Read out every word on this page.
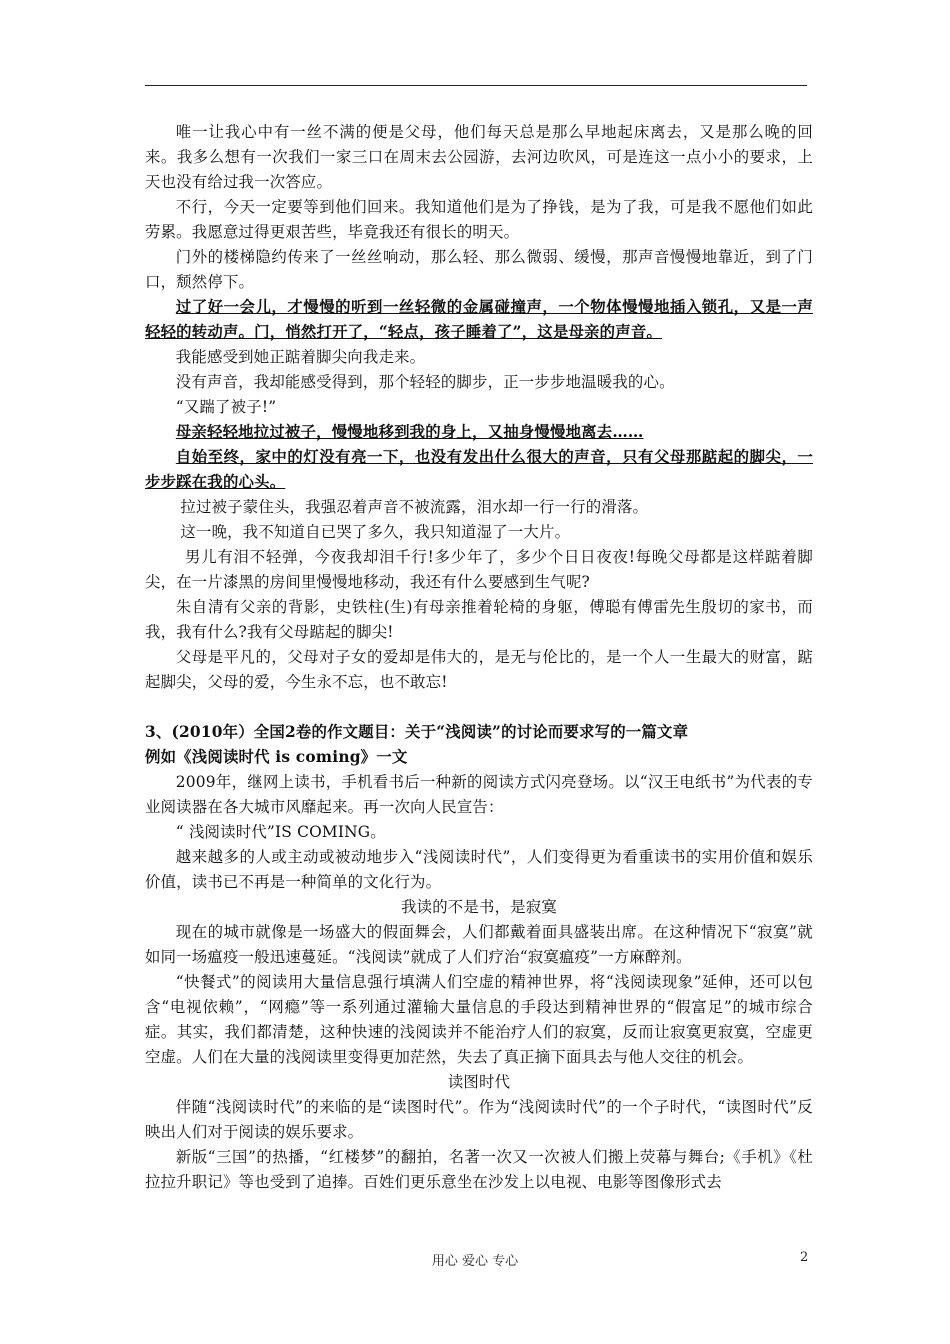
唯一让我心中有一丝不满的便是父母，他们每天总是那么早地起床离去，又是那么晚的回来。我多么想有一次我们一家三口在周末去公园游，去河边吹风，可是连这一点小小的要求，上天也没有给过我一次答应。

不行，今天一定要等到他们回来。我知道他们是为了挣钱，是为了我，可是我不愿他们如此劳累。我愿意过得更艰苦些，毕竟我还有很长的明天。

门外的楼梯隐约传来了一丝丝响动，那么轻、那么微弱、缓慢，那声音慢慢地靠近，到了门口，颓然停下。

过了好一会儿，才慢慢的听到一丝轻微的金属碰撞声，一个物体慢慢地插入锁孔，又是一声轻轻的转动声。门，悄然打开了，“轻点，孩子睡着了”，这是母亲的声音。

我能感受到她正踮着脚尖向我走来。

没有声音，我却能感受得到，那个轻轻的脚步，正一步步地温暖我的心。

“又踹了被子!”

母亲轻轻地拉过被子，慢慢地移到我的身上，又抽身慢慢地离去……

自始至终，家中的灯没有亮一下，也没有发出什么很大的声音，只有父母那踮起的脚尖，一步步踩在我的心头。

拉过被子蒙住头，我强忍着声音不被流露，泪水却一行一行的滑落。

这一晚，我不知道自已哭了多久，我只知道湿了一大片。

男儿有泪不轻弹，今夜我却泪千行!多少年了，多少个日日夜夜!每晚父母都是这样踮着脚尖，在一片漆黑的房间里慢慢地移动，我还有什么要感到生气呢?

朱自清有父亲的背影，史铁柱(生)有母亲推着轮椅的身躯，傅聪有傅雷先生殷切的家书，而我，我有什么?我有父母踮起的脚尖!

父母是平凡的，父母对子女的爱却是伟大的，是无与伦比的，是一个人一生最大的财富，踮起脚尖，父母的爱，今生永不忘，也不敢忘!

3、(2010年）全国2卷的作文题目：关于“浅阅读”的讨论而要求写的一篇文章

例如《浅阅读时代 is coming》一文

2009年，继网上读书，手机看书后一种新的阅读方式闪亮登场。以“汉王电纸书”为代表的专业阅读器在各大城市风靡起来。再一次向人民宣告：

“ 浅阅读时代”IS COMING。

越来越多的人或主动或被动地步入“浅阅读时代”，人们变得更为看重读书的实用价值和娱乐价值，读书已不再是一种简单的文化行为。

我读的不是书，是寂寞

现在的城市就像是一场盛大的假面舞会，人们都戴着面具盛装出席。在这种情况下“寂寞”就如同一场瘟疫一般迅速蔓延。“浅阅读”就成了人们疗治“寂寞瘟疫”一方麻醉剂。

“快餐式”的阅读用大量信息强行填满人们空虚的精神世界，将“浅阅读现象”延伸，还可以包含“电视依赖”，“网瘾”等一系列通过灌输大量信息的手段达到精神世界的“假富足”的城市综合症。其实，我们都清楚，这种快速的浅阅读并不能治疗人们的寂寞，反而让寂寞更寂寞，空虚更空虚。人们在大量的浅阅读里变得更加茫然，失去了真正摘下面具去与他人交往的机会。

读图时代

伴随“浅阅读时代”的来临的是“读图时代”。作为“浅阅读时代”的一个子时代，“读图时代”反映出人们对于阅读的娱乐要求。

新版“三国”的热播，“红楼梦”的翻拍，名著一次又一次被人们搬上荧幕与舞台;《手机》《杜拉拉升职记》等也受到了追捧。百姓们更乐意坐在沙发上以电视、电影等图像形式去

用心 爱心 专心	2
